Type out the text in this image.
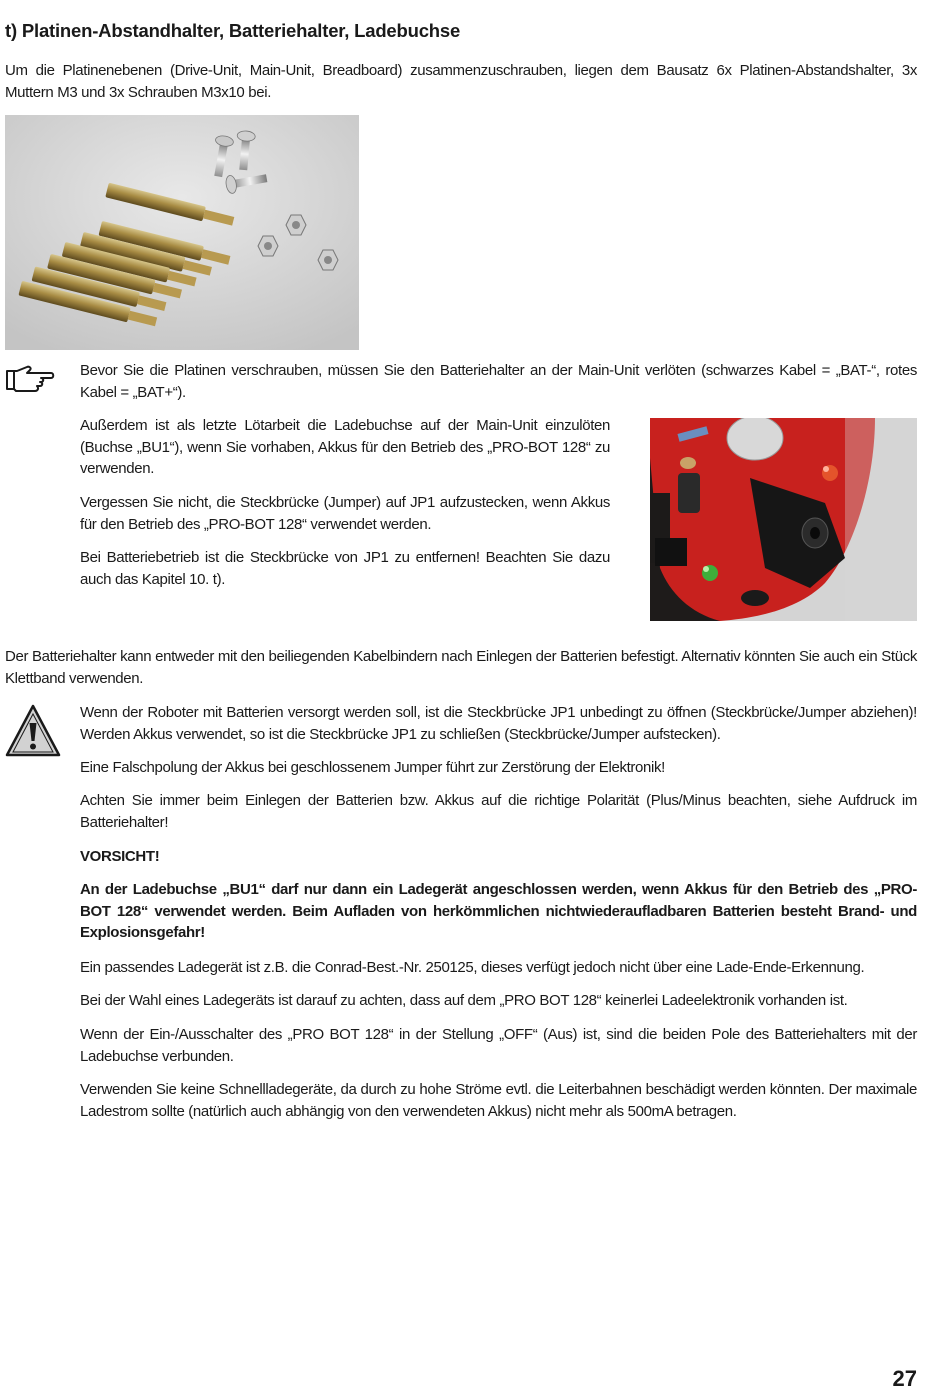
t) Platinen-Abstandhalter, Batteriehalter, Ladebuchse

Um die Platinenebenen (Drive-Unit, Main-Unit, Breadboard) zusammenzuschrauben, liegen dem Bausatz 6x Platinen-Abstandshalter, 3x Muttern M3 und 3x Schrauben M3x10 bei.

Bevor Sie die Platinen verschrauben, müssen Sie den Batteriehalter an der Main-Unit verlöten (schwarzes Kabel = „BAT-“, rotes Kabel = „BAT+“).

Außerdem ist als letzte Lötarbeit die Ladebuchse auf der Main-Unit einzulöten (Buchse „BU1“), wenn Sie vorhaben, Akkus für den Betrieb des „PRO-BOT 128“ zu verwenden.

Vergessen Sie nicht, die Steckbrücke (Jumper) auf JP1 aufzustecken, wenn Akkus für den Betrieb des „PRO-BOT 128“ verwendet werden.

Bei Batteriebetrieb ist die Steckbrücke von JP1 zu entfernen! Beachten Sie dazu auch das Kapitel 10. t).

Der Batteriehalter kann entweder mit den beiliegenden Kabelbindern nach Einlegen der Batterien befestigt. Alternativ könnten Sie auch ein Stück Klettband verwenden.

Wenn der Roboter mit Batterien versorgt werden soll, ist die Steckbrücke JP1 unbedingt zu öffnen (Steckbrücke/Jumper abziehen)! Werden Akkus verwendet, so ist die Steckbrücke JP1 zu schließen (Steckbrücke/Jumper aufstecken).

Eine Falschpolung der Akkus bei geschlossenem Jumper führt zur Zerstörung der Elektronik!

Achten Sie immer beim Einlegen der Batterien bzw. Akkus auf die richtige Polarität (Plus/Minus beachten, siehe Aufdruck im Batteriehalter!

VORSICHT!

An der Ladebuchse „BU1“ darf nur dann ein Ladegerät angeschlossen werden, wenn Akkus für den Betrieb des „PRO-BOT 128“ verwendet werden. Beim Aufladen von herkömmlichen nichtwiederaufladbaren Batterien besteht Brand- und Explosionsgefahr!

Ein passendes Ladegerät ist z.B. die Conrad-Best.-Nr. 250125, dieses verfügt jedoch nicht über eine Lade-Ende-Erkennung.

Bei der Wahl eines Ladegeräts ist darauf zu achten, dass auf dem „PRO BOT 128“ keinerlei Ladeelektronik vorhanden ist.

Wenn der Ein-/Ausschalter des „PRO BOT 128“ in der Stellung „OFF“ (Aus) ist, sind die beiden Pole des Batteriehalters mit der Ladebuchse verbunden.

Verwenden Sie keine Schnellladegeräte, da durch zu hohe Ströme evtl. die Leiterbahnen beschädigt werden könnten. Der maximale Ladestrom sollte (natürlich auch abhängig von den verwendeten Akkus) nicht mehr als 500mA betragen.

27
